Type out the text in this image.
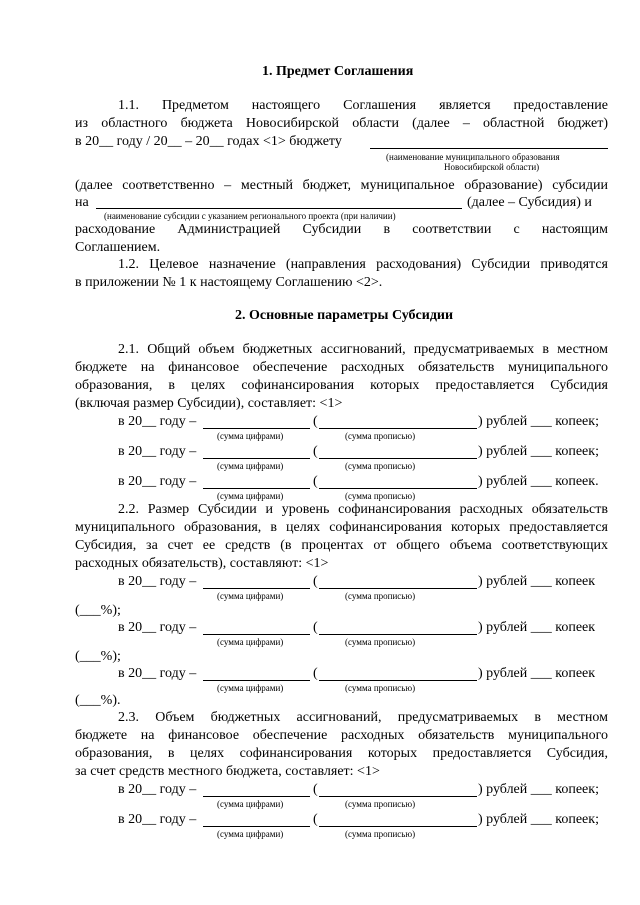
1. Предмет Соглашения
1.1. Предметом настоящего Соглашения является предоставление
из областного бюджета Новосибирской области (далее – областной бюджет)
в 20__ году / 20__ – 20__ годах <1> бюджету
(наименование муниципального образования
Новосибирской области)
(далее соответственно – местный бюджет, муниципальное образование) субсидии
на	(далее – Субсидия) и
(наименование субсидии с указанием регионального проекта (при наличии)
расходование Администрацией Субсидии в соответствии с настоящим
Соглашением.
1.2. Целевое назначение (направления расходования) Субсидии приводятся
в приложении № 1 к настоящему Соглашению <2>.
2. Основные параметры Субсидии
2.1. Общий объем бюджетных ассигнований, предусматриваемых в местном
бюджете на финансовое обеспечение расходных обязательств муниципального
образования, в целях софинансирования которых предоставляется Субсидия
(включая размер Субсидии), составляет: <1>
в 20__ году –	(	) рублей ___ копеек;
(сумма цифрами)	(сумма прописью)
в 20__ году –	(	) рублей ___ копеек;
(сумма цифрами)	(сумма прописью)
в 20__ году –	(	) рублей ___ копеек.
(сумма цифрами)	(сумма прописью)
2.2. Размер Субсидии и уровень софинансирования расходных обязательств
муниципального образования, в целях софинансирования которых предоставляется
Субсидия, за счет ее средств (в процентах от общего объема соответствующих
расходных обязательств), составляют: <1>
в 20__ году –	(	) рублей ___ копеек
(сумма цифрами)	(сумма прописью)
(___%);
в 20__ году –	(	) рублей ___ копеек
(сумма цифрами)	(сумма прописью)
(___%);
в 20__ году –	(	) рублей ___ копеек
(сумма цифрами)	(сумма прописью)
(___%).
2.3. Объем бюджетных ассигнований, предусматриваемых в местном
бюджете на финансовое обеспечение расходных обязательств муниципального
образования, в целях софинансирования которых предоставляется Субсидия,
за счет средств местного бюджета, составляет: <1>
в 20__ году –	(	) рублей ___ копеек;
(сумма цифрами)	(сумма прописью)
в 20__ году –	(	) рублей ___ копеек;
(сумма цифрами)	(сумма прописью)
